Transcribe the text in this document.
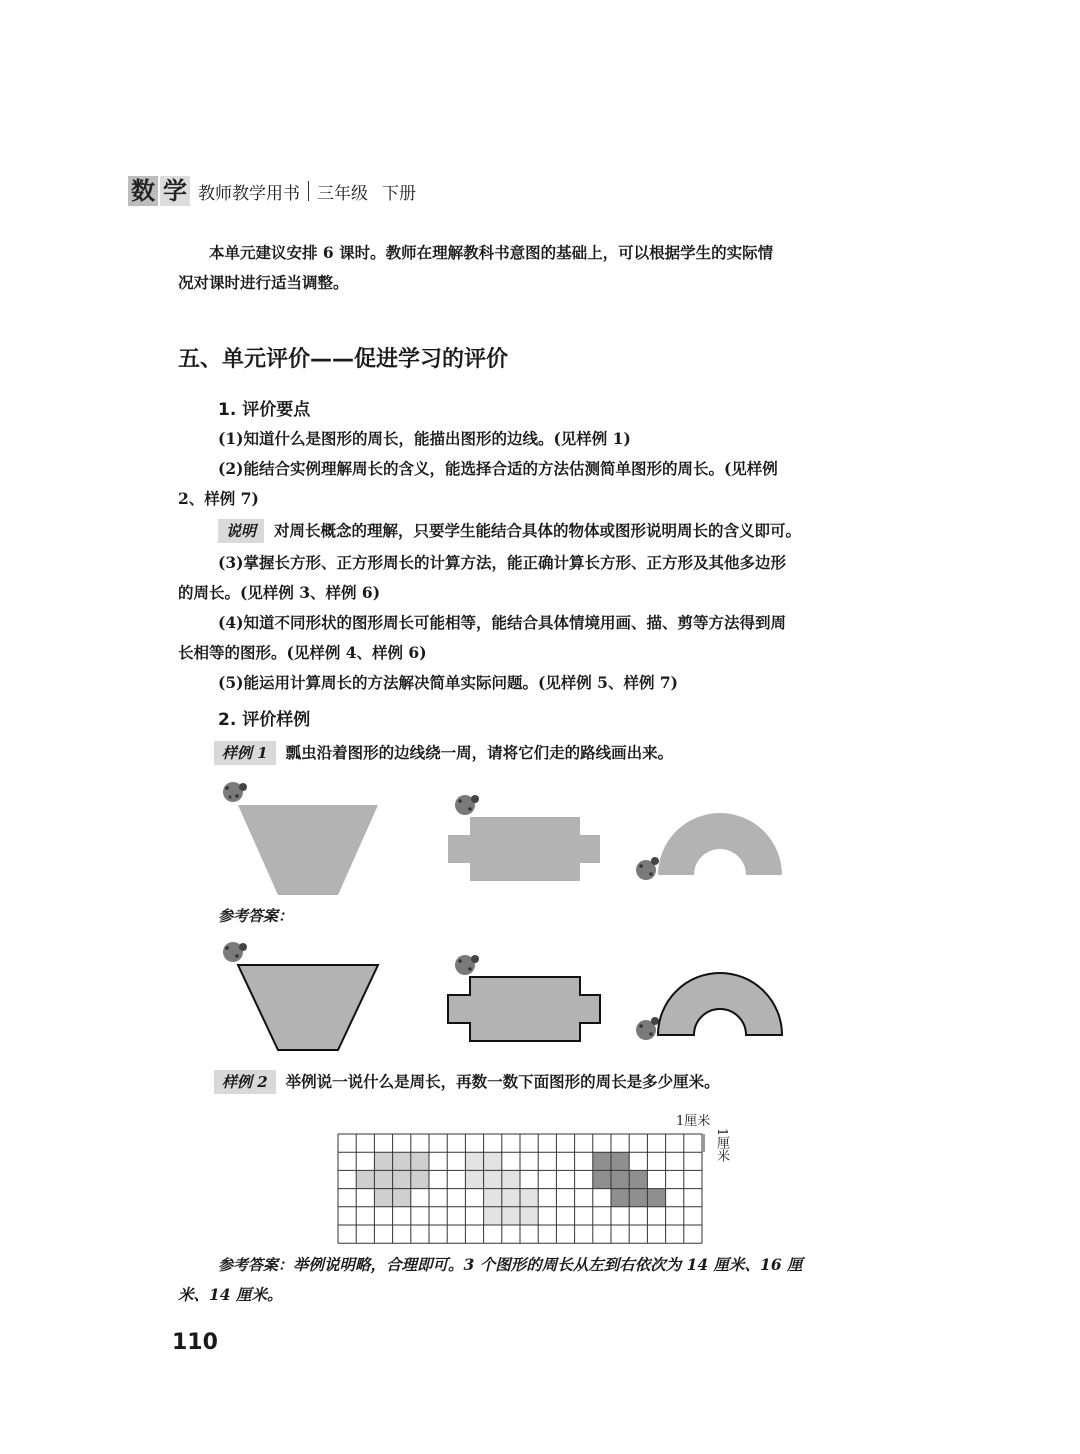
数 学 教师教学用书 三年级 下册
本单元建议安排 6 课时。教师在理解教科书意图的基础上，可以根据学生的实际情
况对课时进行适当调整。
五、单元评价——促进学习的评价
1. 评价要点
(1)知道什么是图形的周长，能描出图形的边线。(见样例 1)
(2)能结合实例理解周长的含义，能选择合适的方法估测简单图形的周长。(见样例
2、样例 7)
说明 对周长概念的理解，只要学生能结合具体的物体或图形说明周长的含义即可。
(3)掌握长方形、正方形周长的计算方法，能正确计算长方形、正方形及其他多边形
的周长。(见样例 3、样例 6)
(4)知道不同形状的图形周长可能相等，能结合具体情境用画、描、剪等方法得到周
长相等的图形。(见样例 4、样例 6)
(5)能运用计算周长的方法解决简单实际问题。(见样例 5、样例 7)
2. 评价样例
样例 1 瓢虫沿着图形的边线绕一周，请将它们走的路线画出来。
参考答案：
样例 2 举例说一说什么是周长，再数一数下面图形的周长是多少厘米。
1厘米
1厘米
参考答案：举例说明略，合理即可。3 个图形的周长从左到右依次为 14 厘米、16 厘
米、14 厘米。
110
